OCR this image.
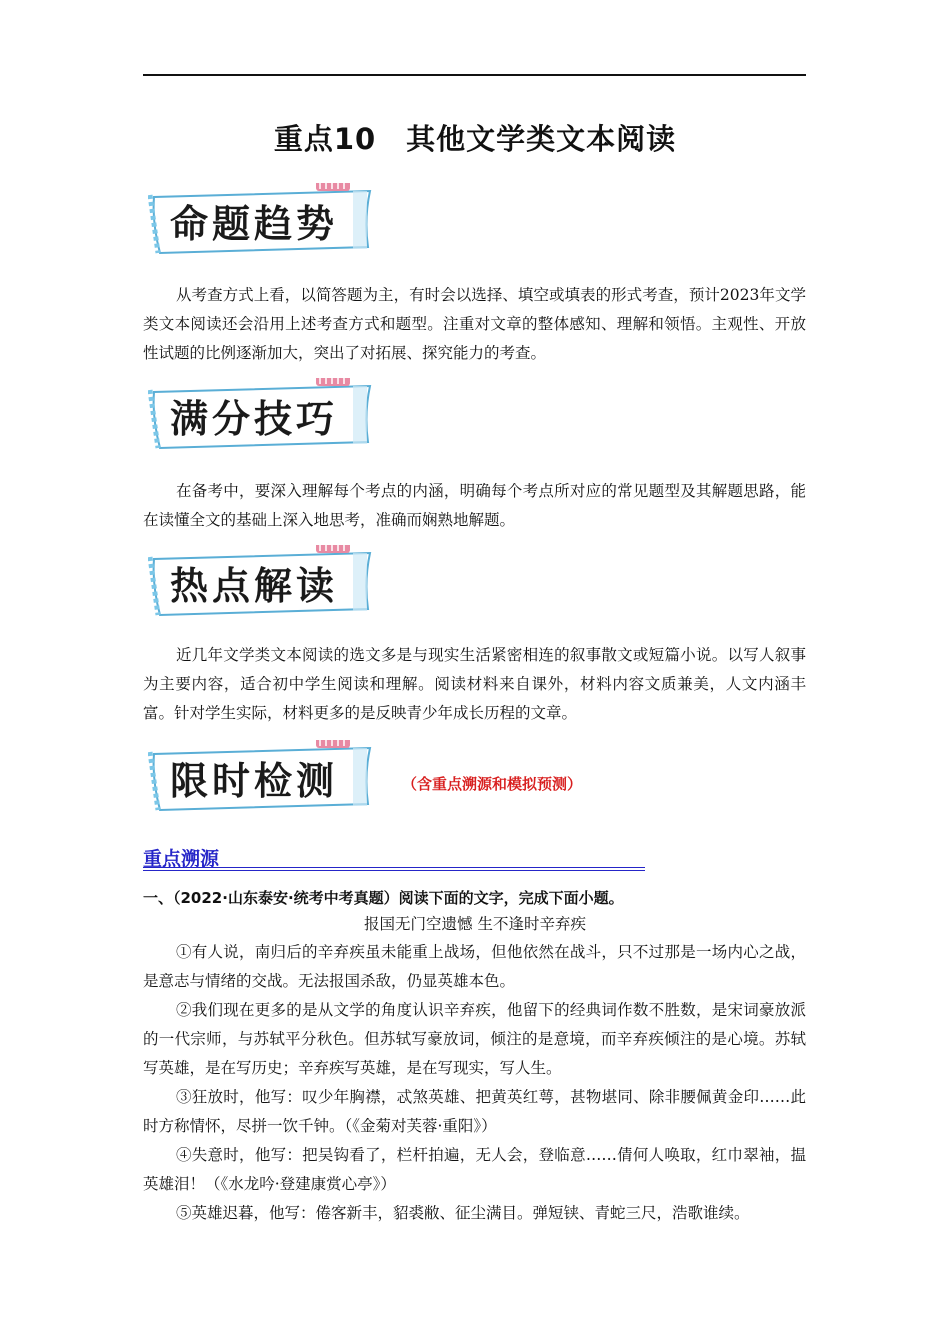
重点10　其他文学类文本阅读
命题趋势
从考查方式上看，以简答题为主，有时会以选择、填空或填表的形式考查，预计2023年文学类文本阅读还会沿用上述考查方式和题型。注重对文章的整体感知、理解和领悟。主观性、开放性试题的比例逐渐加大，突出了对拓展、探究能力的考查。
满分技巧
在备考中，要深入理解每个考点的内涵，明确每个考点所对应的常见题型及其解题思路，能在读懂全文的基础上深入地思考，准确而娴熟地解题。
热点解读
近几年文学类文本阅读的选文多是与现实生活紧密相连的叙事散文或短篇小说。以写人叙事为主要内容，适合初中学生阅读和理解。阅读材料来自课外，材料内容文质兼美，人文内涵丰富。针对学生实际，材料更多的是反映青少年成长历程的文章。
限时检测	（含重点溯源和模拟预测）
重点溯源
一、（2022·山东泰安·统考中考真题）阅读下面的文字，完成下面小题。
报国无门空遗憾 生不逢时辛弃疾

①有人说，南归后的辛弃疾虽未能重上战场，但他依然在战斗，只不过那是一场内心之战，是意志与情绪的交战。无法报国杀敌，仍显英雄本色。

②我们现在更多的是从文学的角度认识辛弃疾，他留下的经典词作数不胜数，是宋词豪放派的一代宗师，与苏轼平分秋色。但苏轼写豪放词，倾注的是意境，而辛弃疾倾注的是心境。苏轼写英雄，是在写历史；辛弃疾写英雄，是在写现实，写人生。

③狂放时，他写：叹少年胸襟，忒煞英雄、把黄英红萼，甚物堪同、除非腰佩黄金印……此时方称情怀，尽拼一饮千钟。（《金菊对芙蓉·重阳》）

④失意时，他写：把吴钩看了，栏杆拍遍，无人会，登临意……倩何人唤取，红巾翠袖，揾英雄泪！（《水龙吟·登建康赏心亭》）

⑤英雄迟暮，他写：倦客新丰，貂裘敝、征尘满目。弹短铗、青蛇三尺，浩歌谁续。
